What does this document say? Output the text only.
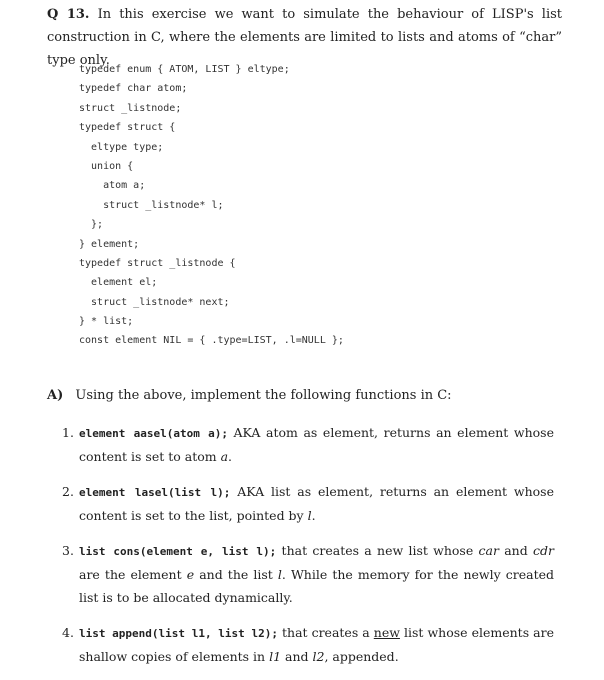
Q 13. In this exercise we want to simulate the behaviour of LISP's list construction in C, where the elements are limited to lists and atoms of “char” type only.
typedef enum { ATOM, LIST } eltype;
typedef char atom;
struct _listnode;
typedef struct {
eltype type;
union {
atom a;
struct _listnode* l;
};
} element;
typedef struct _listnode {
element el;
struct _listnode* next;
} * list;
const element NIL = { .type=LIST, .l=NULL };
A) Using the above, implement the following functions in C:
1. element aasel(atom a); AKA atom as element, returns an element whose content is set to atom a.
2. element lasel(list l); AKA list as element, returns an element whose content is set to the list, pointed by l.
3. list cons(element e, list l); that creates a new list whose car and cdr are the element e and the list l. While the memory for the newly created list is to be allocated dynamically.
4. list append(list l1, list l2); that creates a new list whose elements are shallow copies of elements in l1 and l2, appended.
